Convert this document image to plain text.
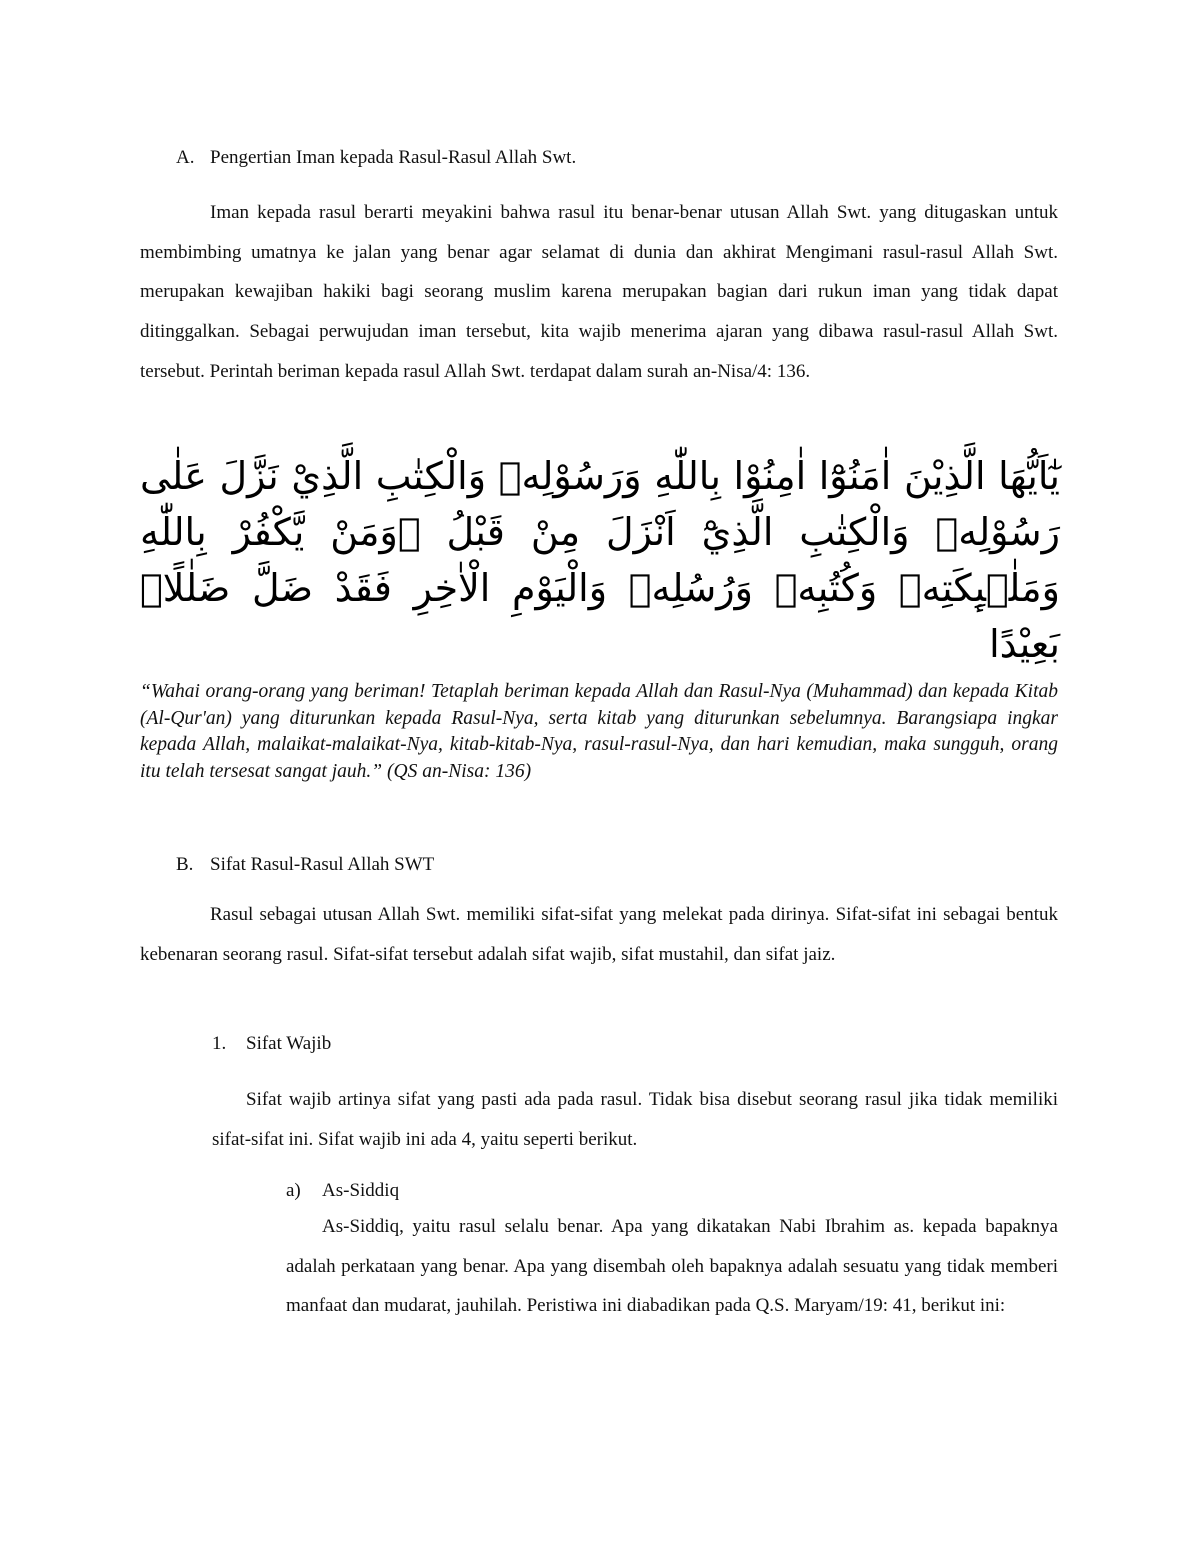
A. Pengertian Iman kepada Rasul-Rasul Allah Swt.

Iman kepada rasul berarti meyakini bahwa rasul itu benar-benar utusan Allah Swt. yang ditugaskan untuk membimbing umatnya ke jalan yang benar agar selamat di dunia dan akhirat Mengimani rasul-rasul Allah Swt. merupakan kewajiban hakiki bagi seorang muslim karena merupakan bagian dari rukun iman yang tidak dapat ditinggalkan. Sebagai perwujudan iman tersebut, kita wajib menerima ajaran yang dibawa rasul-rasul Allah Swt. tersebut. Perintah beriman kepada rasul Allah Swt. terdapat dalam surah an-Nisa/4: 136.

يٰٓاَيُّهَا الَّذِيْنَ اٰمَنُوْٓا اٰمِنُوْا بِاللّٰهِ وَرَسُوْلِهٖ وَالْكِتٰبِ الَّذِيْ نَزَّلَ عَلٰى رَسُوْلِهٖ وَالْكِتٰبِ الَّذِيْٓ اَنْزَلَ مِنْ قَبْلُ ۗوَمَنْ يَّكْفُرْ بِاللّٰهِ وَمَلٰۤىِٕكَتِهٖ وَكُتُبِهٖ وَرُسُلِهٖ وَالْيَوْمِ الْاٰخِرِ فَقَدْ ضَلَّ ضَلٰلًاۢ بَعِيْدًا
“Wahai orang-orang yang beriman! Tetaplah beriman kepada Allah dan Rasul-Nya (Muhammad) dan kepada Kitab (Al-Qur'an) yang diturunkan kepada Rasul-Nya, serta kitab yang diturunkan sebelumnya. Barangsiapa ingkar kepada Allah, malaikat-malaikat-Nya, kitab-kitab-Nya, rasul-rasul-Nya, dan hari kemudian, maka sungguh, orang itu telah tersesat sangat jauh.” (QS an-Nisa: 136)
B. Sifat Rasul-Rasul Allah SWT

Rasul sebagai utusan Allah Swt. memiliki sifat-sifat yang melekat pada dirinya. Sifat-sifat ini sebagai bentuk kebenaran seorang rasul. Sifat-sifat tersebut adalah sifat wajib, sifat mustahil, dan sifat jaiz.

1. Sifat Wajib

Sifat wajib artinya sifat yang pasti ada pada rasul. Tidak bisa disebut seorang rasul jika tidak memiliki sifat-sifat ini. Sifat wajib ini ada 4, yaitu seperti berikut.

a) As-Siddiq

As-Siddiq, yaitu rasul selalu benar. Apa yang dikatakan Nabi Ibrahim as. kepada bapaknya adalah perkataan yang benar. Apa yang disembah oleh bapaknya adalah sesuatu yang tidak memberi manfaat dan mudarat, jauhilah. Peristiwa ini diabadikan pada Q.S. Maryam/19: 41, berikut ini:
